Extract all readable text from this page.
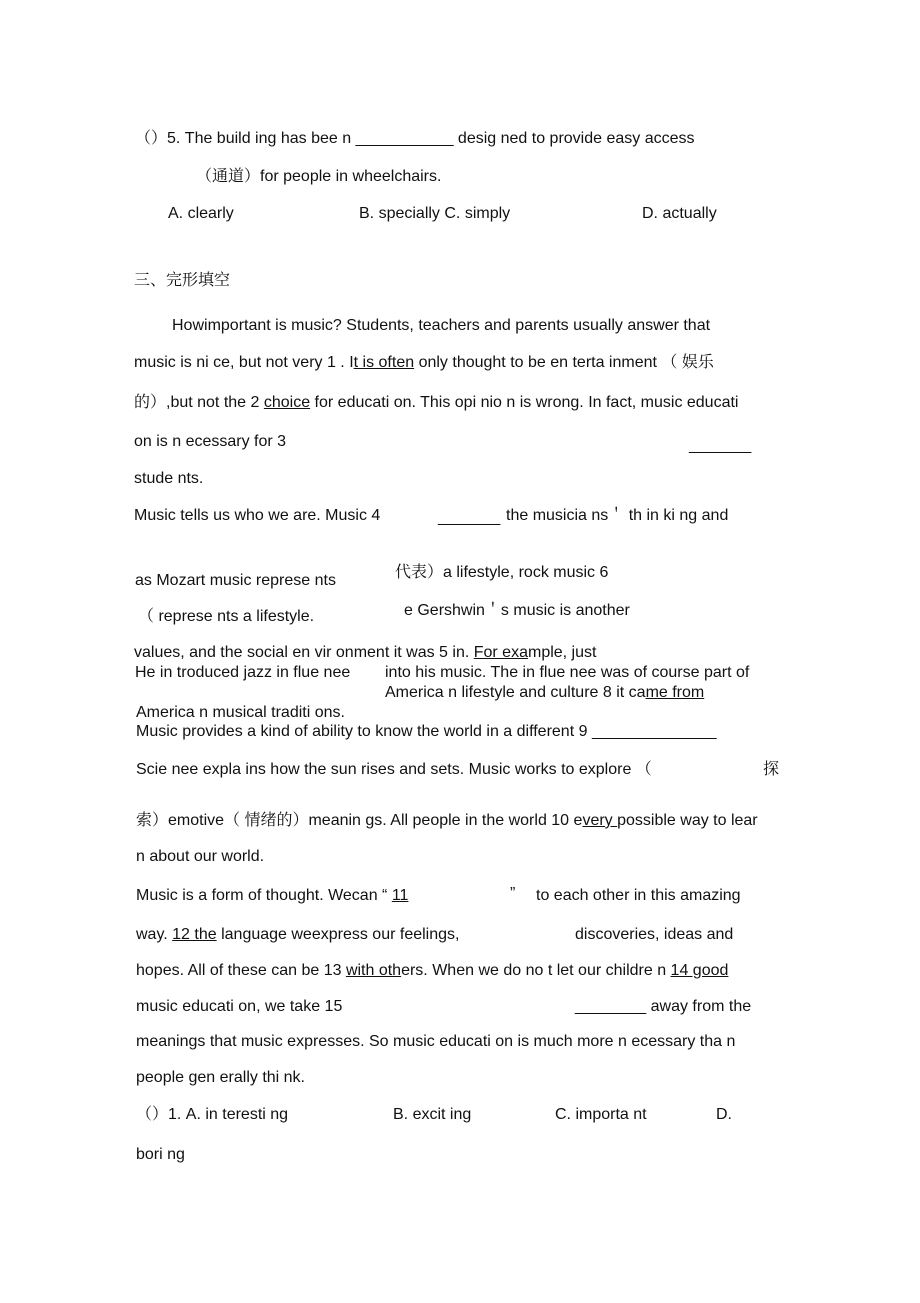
（）5. The build ing has bee n ___________ desig ned to provide easy access
（通道）for people in wheelchairs.
A. clearly	B. specially C. simply	D. actually
三、完形填空
Howimportant is music? Students, teachers and parents usually answer that
music is ni ce, but not very 1 . It is often only thought to be en terta inment （ 娱乐
的）,but not the 2 choice for educati on. This opi nio n is wrong. In fact, music educati
on is n ecessary for 3	_______
stude nts.
Music tells us who we are. Music 4	_______ the musicia ns＇ th in ki ng and
代表）a lifestyle, rock music 6
as Mozart music represe nts
e Gershwin＇s music is another
（ represe nts a lifestyle.
values, and the social en vir onment it was 5 in. For example, just
He in troduced jazz in flue nee into his music. The in flue nee was of course part of
America n lifestyle and culture 8 it came from
America n musical traditi ons.
Music provides a kind of ability to know the world in a different 9 ______________
Scie nee expla ins how the sun rises and sets. Music works to explore （	探
索）emotive（ 情绪的）meanin gs. All people in the world 10 every possible way to lear
n about our world.
Music is a form of thought. Wecan “ 11	” to each other in this amazing
way. 12 the language weexpress our feelings,	discoveries, ideas and
hopes. All of these can be 13 with others. When we do no t let our childre n 14 good
music educati on, we take 15	________ away from the
meanings that music expresses. So music educati on is much more n ecessary tha n
people gen erally thi nk.
（）1. A. in teresti ng	B. excit ing	C. importa nt	D.
bori ng
